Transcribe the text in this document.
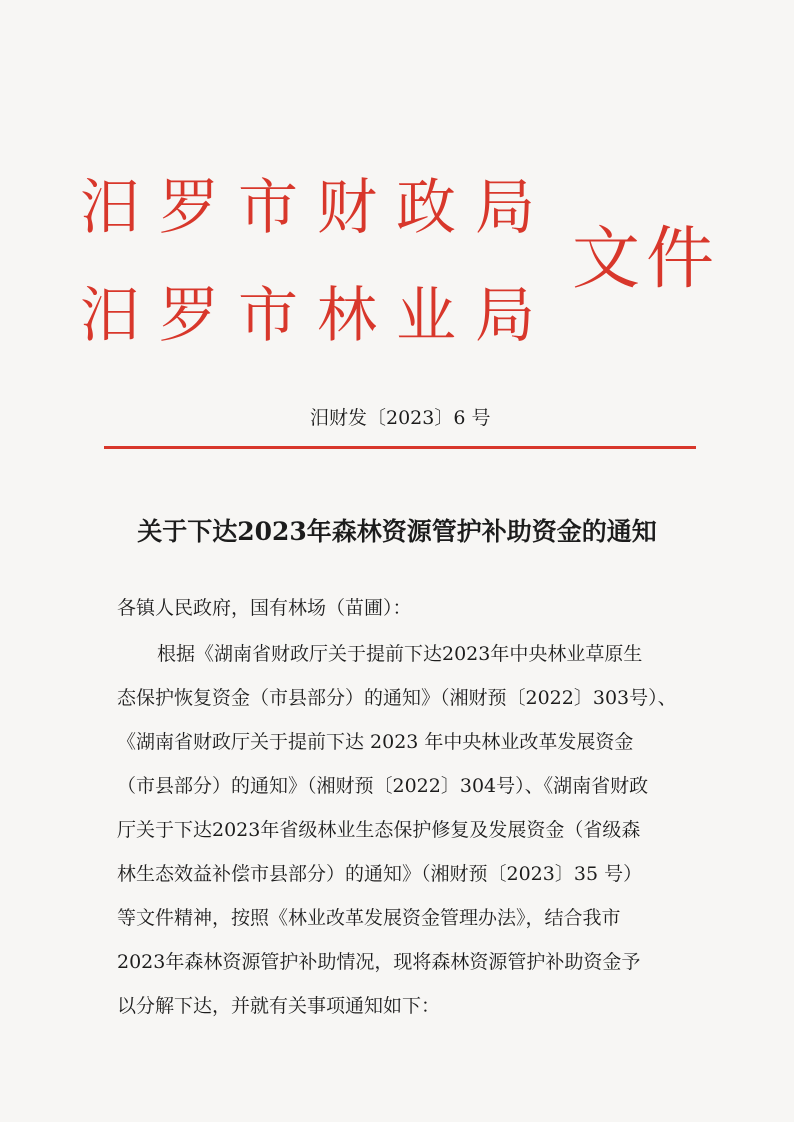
汨罗市财政局
汨罗市林业局
文件
汨财发〔2023〕6 号
关于下达2023年森林资源管护补助资金的通知
各镇人民政府，国有林场（苗圃）：
根据《湖南省财政厅关于提前下达2023年中央林业草原生
态保护恢复资金（市县部分）的通知》（湘财预〔2022〕303号）、
《湖南省财政厅关于提前下达 2023 年中央林业改革发展资金
（市县部分）的通知》（湘财预〔2022〕304号）、《湖南省财政
厅关于下达2023年省级林业生态保护修复及发展资金（省级森
林生态效益补偿市县部分）的通知》（湘财预〔2023〕35 号）
等文件精神，按照《林业改革发展资金管理办法》，结合我市
2023年森林资源管护补助情况，现将森林资源管护补助资金予
以分解下达，并就有关事项通知如下：
